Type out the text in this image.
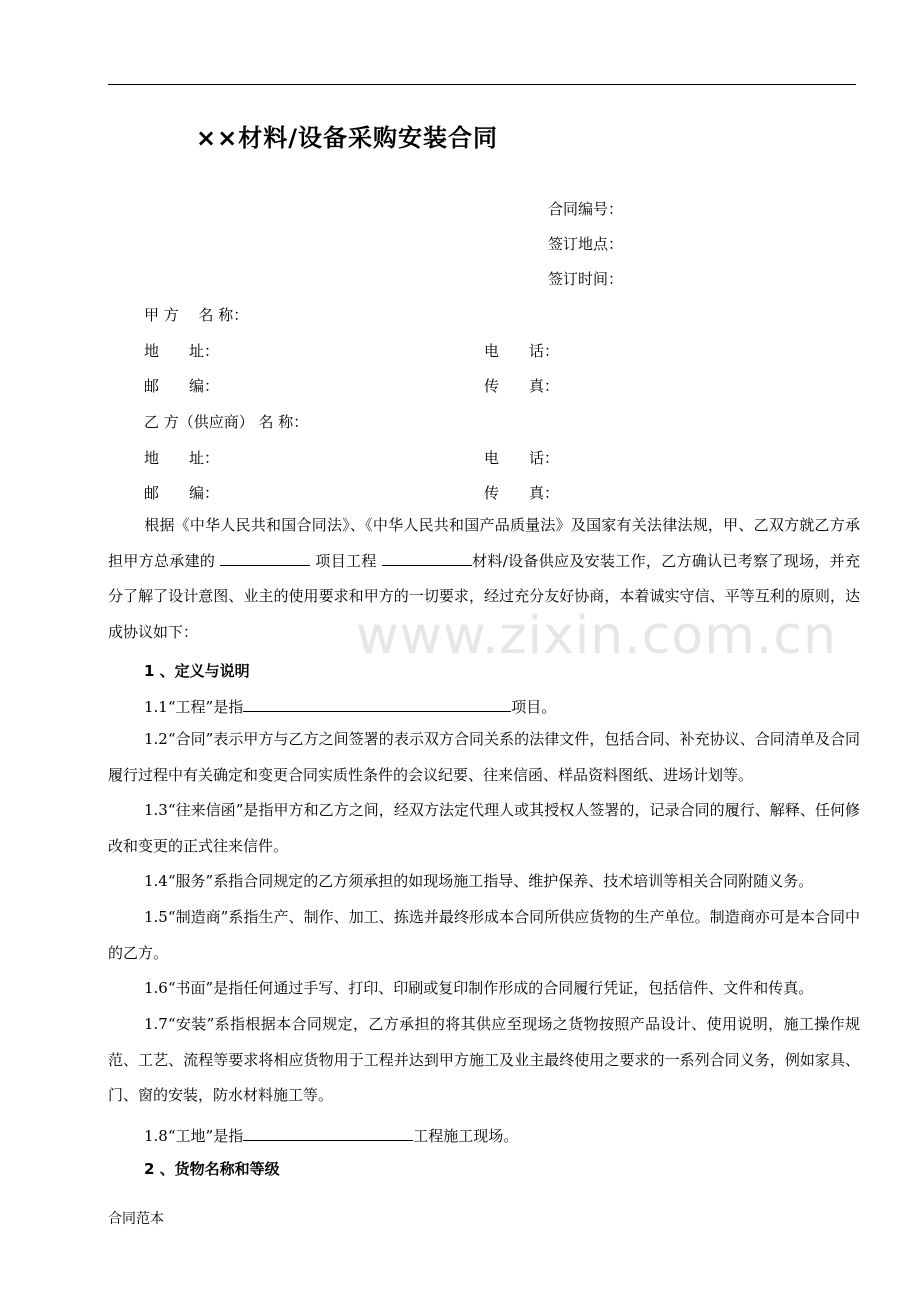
××材料/设备采购安装合同
合同编号：
签订地点：
签订时间：
甲 方　 名 称：
地　　址：	电　　话：
邮　　编：	传　　真：
乙 方（供应商） 名 称：
地　　址：	电　　话：
邮　　编：	传　　真：
根据《中华人民共和国合同法》、《中华人民共和国产品质量法》及国家有关法律法规，甲、乙双方就乙方承担甲方总承建的	项目工程	材料/设备供应及安装工作，乙方确认已考察了现场，并充分了解了设计意图、业主的使用要求和甲方的一切要求，经过充分友好协商，本着诚实守信、平等互利的原则，达成协议如下：	www.zixin.com.cn
1 、定义与说明
1.1“工程”是指	项目。
1.2“合同”表示甲方与乙方之间签署的表示双方合同关系的法律文件，包括合同、补充协议、合同清单及合同履行过程中有关确定和变更合同实质性条件的会议纪要、往来信函、样品资料图纸、进场计划等。
1.3“往来信函”是指甲方和乙方之间，经双方法定代理人或其授权人签署的，记录合同的履行、解释、任何修改和变更的正式往来信件。
1.4“服务”系指合同规定的乙方须承担的如现场施工指导、维护保养、技术培训等相关合同附随义务。
1.5“制造商”系指生产、制作、加工、拣选并最终形成本合同所供应货物的生产单位。制造商亦可是本合同中的乙方。
1.6“书面”是指任何通过手写、打印、印刷或复印制作形成的合同履行凭证，包括信件、文件和传真。
1.7“安装”系指根据本合同规定，乙方承担的将其供应至现场之货物按照产品设计、使用说明，施工操作规范、工艺、流程等要求将相应货物用于工程并达到甲方施工及业主最终使用之要求的一系列合同义务，例如家具、门、窗的安装，防水材料施工等。
1.8“工地”是指	工程施工现场。
2 、货物名称和等级
合同范本
